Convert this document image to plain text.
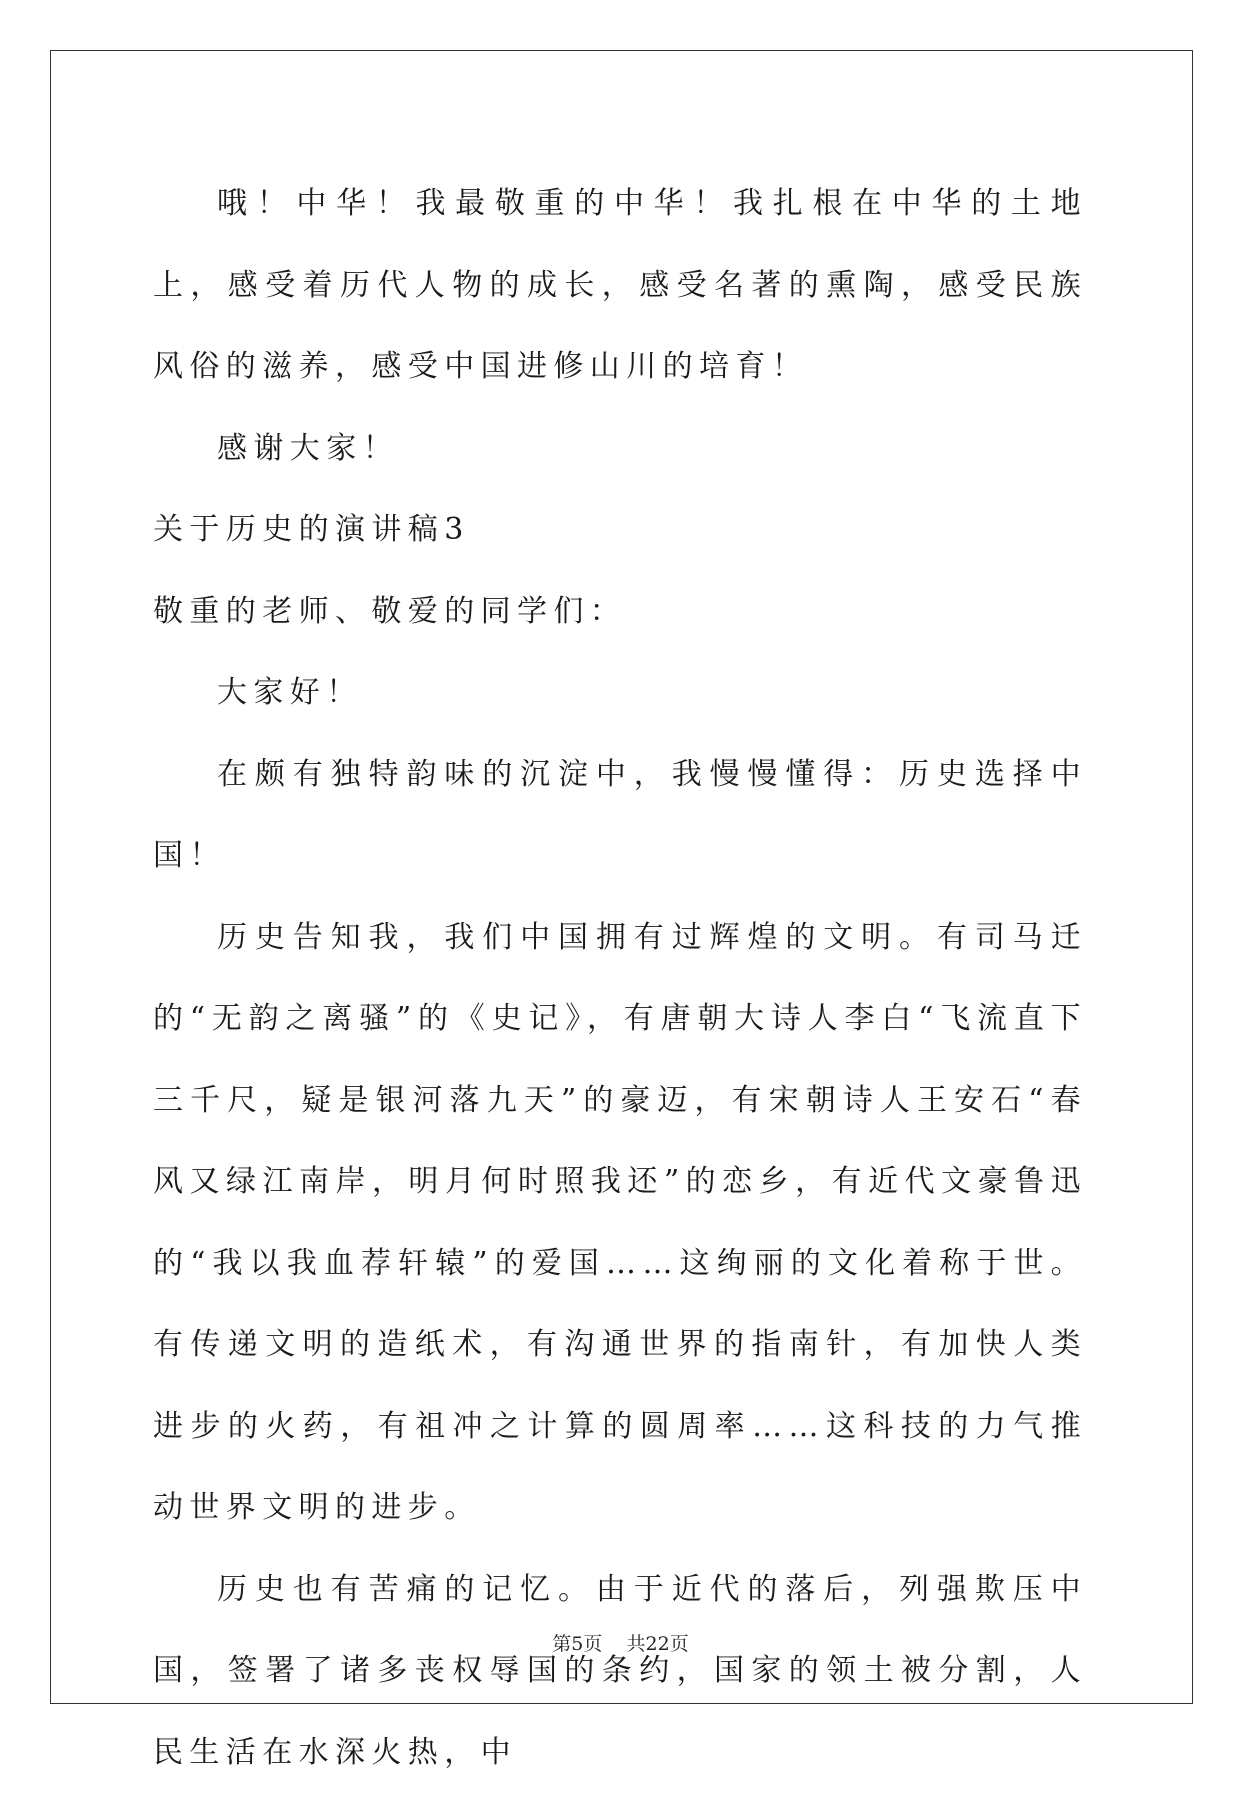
哦！中华！我最敬重的中华！我扎根在中华的土地上，感受着历代人物的成长，感受名著的熏陶，感受民族风俗的滋养，感受中国进修山川的培育！

感谢大家！

关于历史的演讲稿3

敬重的老师、敬爱的同学们：

大家好！

在颇有独特韵味的沉淀中，我慢慢懂得：历史选择中国！

历史告知我，我们中国拥有过辉煌的文明。有司马迁的“无韵之离骚”的《史记》，有唐朝大诗人李白“飞流直下三千尺，疑是银河落九天”的豪迈，有宋朝诗人王安石“春风又绿江南岸，明月何时照我还”的恋乡，有近代文豪鲁迅的“我以我血荐轩辕”的爱国……这绚丽的文化着称于世。有传递文明的造纸术，有沟通世界的指南针，有加快人类进步的火药，有祖冲之计算的圆周率……这科技的力气推动世界文明的进步。

历史也有苦痛的记忆。由于近代的落后，列强欺压中国，签署了诸多丧权辱国的条约，国家的领土被分割，人民生活在水深火热，中

第5页 共22页
